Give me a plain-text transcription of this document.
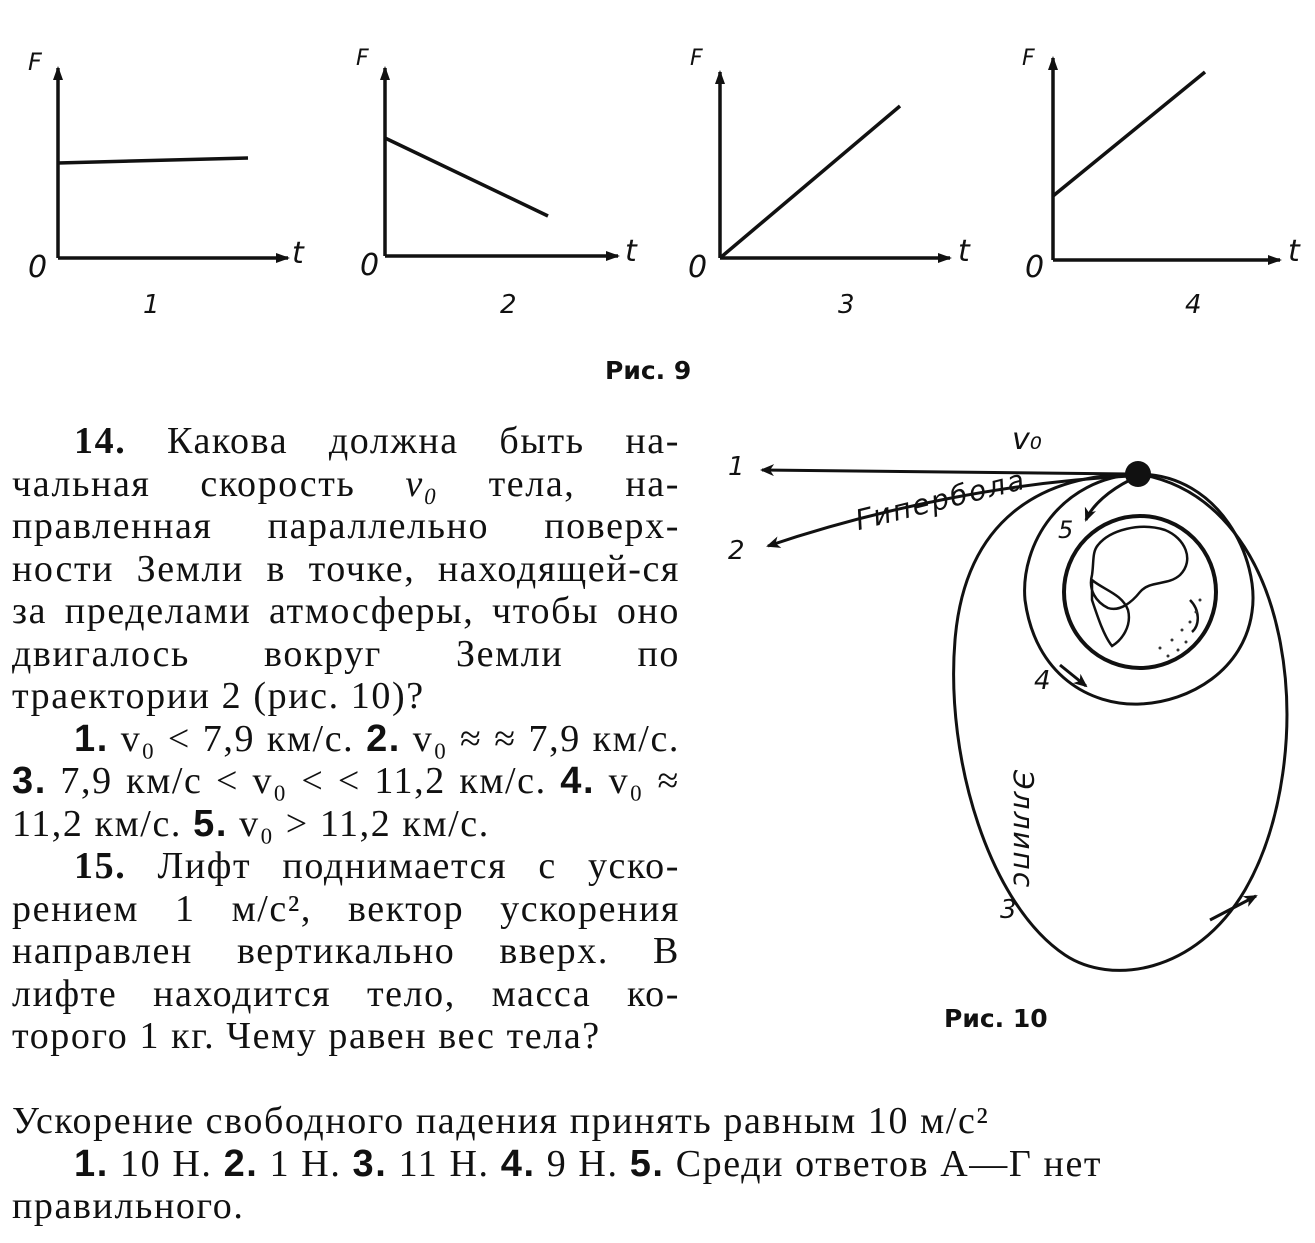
F
t
0
1
F
t
0
2
F
t
0
3
F
t
0
4
Рис. 9

14. Какова должна быть на-чальная скорость v₀ тела, на-правленная параллельно поверх-ности Земли в точке, находящей-ся за пределами атмосферы, чтобы оно двигалось вокруг Земли по траектории 2 (рис. 10)?

1. v₀ < 7,9 км/с. 2. v₀ ≈ ≈ 7,9 км/с. 3. 7,9 км/с < v₀ < < 11,2 км/с. 4. v₀ ≈ 11,2 км/с. 5. v₀ > 11,2 км/с.

15. Лифт поднимается с уско-рением 1 м/с², вектор ускорения направлен вертикально вверх. В лифте находится тело, масса ко-торого 1 кг. Чему равен вес тела?

Ускорение свободного падения принять равным 10 м/с²

1. 10 Н. 2. 1 Н. 3. 11 Н. 4. 9 Н. 5. Среди ответов А—Г нет правильного.

v₀
1
2
3
4
5
Гипербола
Эллипс
Рис. 10
